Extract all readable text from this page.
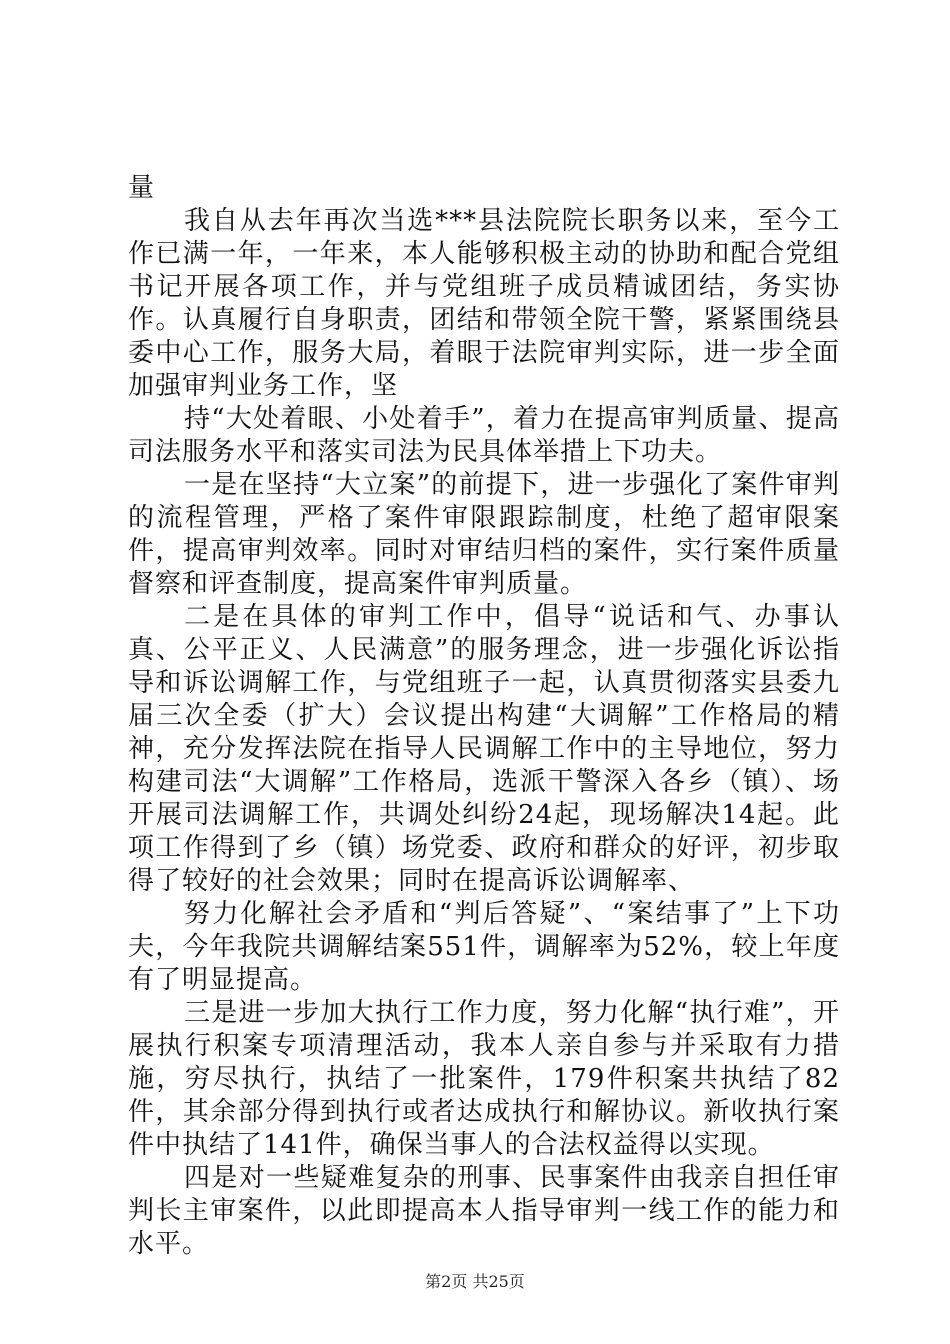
量

我自从去年再次当选***县法院院长职务以来，至今工作已满一年，一年来，本人能够积极主动的协助和配合党组书记开展各项工作，并与党组班子成员精诚团结，务实协作。认真履行自身职责，团结和带领全院干警，紧紧围绕县委中心工作，服务大局，着眼于法院审判实际，进一步全面加强审判业务工作，坚

持“大处着眼、小处着手”，着力在提高审判质量、提高司法服务水平和落实司法为民具体举措上下功夫。

一是在坚持“大立案”的前提下，进一步强化了案件审判的流程管理，严格了案件审限跟踪制度，杜绝了超审限案件，提高审判效率。同时对审结归档的案件，实行案件质量督察和评查制度，提高案件审判质量。

二是在具体的审判工作中，倡导“说话和气、办事认真、公平正义、人民满意”的服务理念，进一步强化诉讼指导和诉讼调解工作，与党组班子一起，认真贯彻落实县委九届三次全委（扩大）会议提出构建“大调解”工作格局的精神，充分发挥法院在指导人民调解工作中的主导地位，努力构建司法“大调解”工作格局，选派干警深入各乡（镇）、场开展司法调解工作，共调处纠纷24起，现场解决14起。此项工作得到了乡（镇）场党委、政府和群众的好评，初步取得了较好的社会效果；同时在提高诉讼调解率、

努力化解社会矛盾和“判后答疑”、“案结事了”上下功夫，今年我院共调解结案551件，调解率为52%，较上年度有了明显提高。

三是进一步加大执行工作力度，努力化解“执行难”，开展执行积案专项清理活动，我本人亲自参与并采取有力措施，穷尽执行，执结了一批案件，179件积案共执结了82件，其余部分得到执行或者达成执行和解协议。新收执行案件中执结了141件，确保当事人的合法权益得以实现。

四是对一些疑难复杂的刑事、民事案件由我亲自担任审判长主审案件，以此即提高本人指导审判一线工作的能力和水平。

第2页 共25页
